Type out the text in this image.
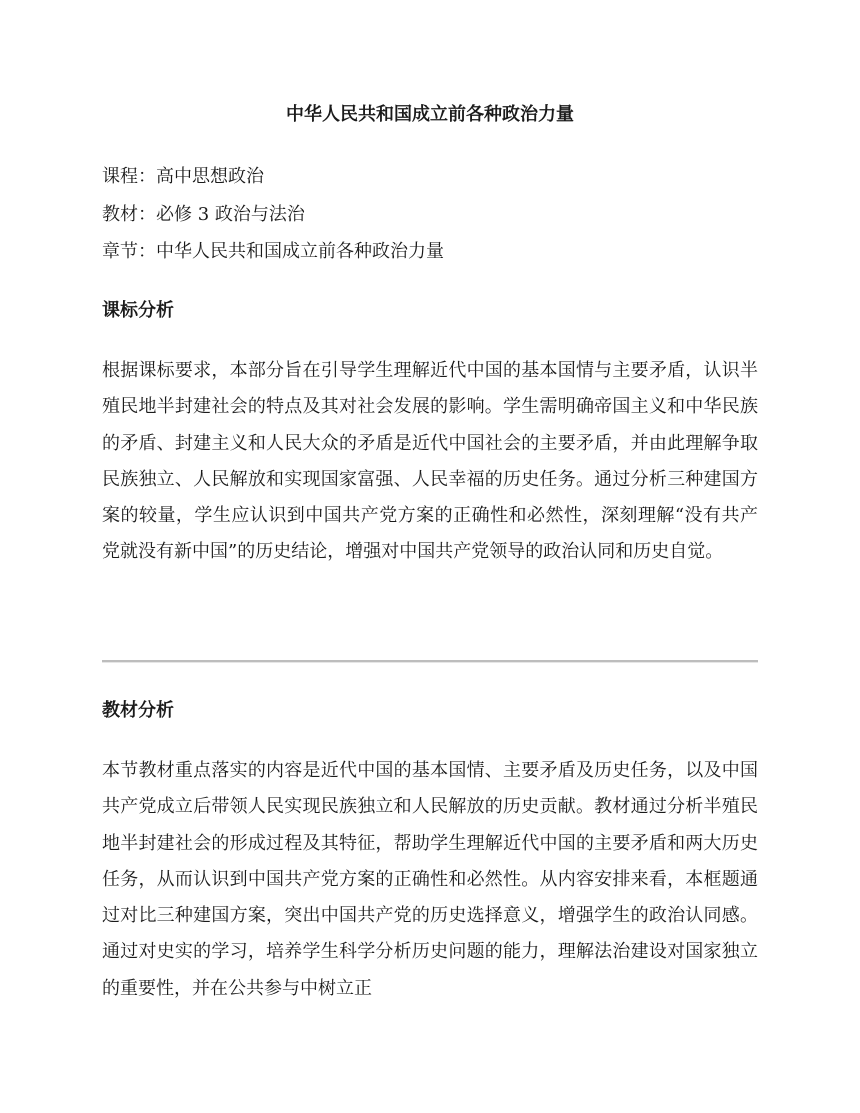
中华人民共和国成立前各种政治力量
课程：高中思想政治
教材：必修 3 政治与法治
章节：中华人民共和国成立前各种政治力量
课标分析

根据课标要求，本部分旨在引导学生理解近代中国的基本国情与主要矛盾，认识半殖民地半封建社会的特点及其对社会发展的影响。学生需明确帝国主义和中华民族的矛盾、封建主义和人民大众的矛盾是近代中国社会的主要矛盾，并由此理解争取民族独立、人民解放和实现国家富强、人民幸福的历史任务。通过分析三种建国方案的较量，学生应认识到中国共产党方案的正确性和必然性，深刻理解“没有共产党就没有新中国”的历史结论，增强对中国共产党领导的政治认同和历史自觉。

教材分析

本节教材重点落实的内容是近代中国的基本国情、主要矛盾及历史任务，以及中国共产党成立后带领人民实现民族独立和人民解放的历史贡献。教材通过分析半殖民地半封建社会的形成过程及其特征，帮助学生理解近代中国的主要矛盾和两大历史任务，从而认识到中国共产党方案的正确性和必然性。从内容安排来看，本框题通过对比三种建国方案，突出中国共产党的历史选择意义，增强学生的政治认同感。通过对史实的学习，培养学生科学分析历史问题的能力，理解法治建设对国家独立的重要性，并在公共参与中树立正
